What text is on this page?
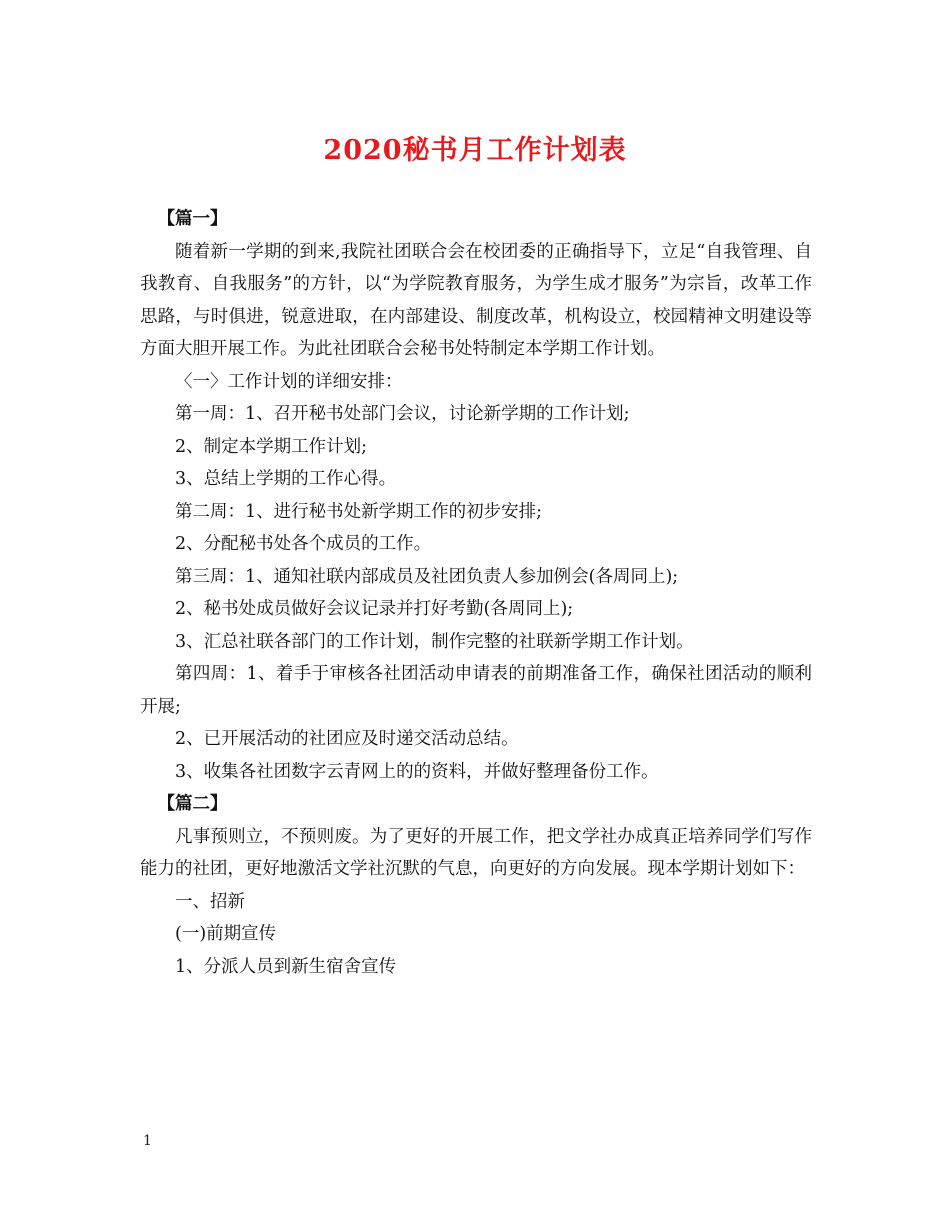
2020秘书月工作计划表
【篇一】

随着新一学期的到来,我院社团联合会在校团委的正确指导下，立足“自我管理、自我教育、自我服务”的方针，以“为学院教育服务，为学生成才服务”为宗旨，改革工作思路，与时俱进，锐意进取，在内部建设、制度改革，机构设立，校园精神文明建设等方面大胆开展工作。为此社团联合会秘书处特制定本学期工作计划。

〈一〉工作计划的详细安排：

第一周：1、召开秘书处部门会议，讨论新学期的工作计划;

2、制定本学期工作计划;

3、总结上学期的工作心得。

第二周：1、进行秘书处新学期工作的初步安排;

2、分配秘书处各个成员的工作。

第三周：1、通知社联内部成员及社团负责人参加例会(各周同上);

2、秘书处成员做好会议记录并打好考勤(各周同上);

3、汇总社联各部门的工作计划，制作完整的社联新学期工作计划。

第四周：1、着手于审核各社团活动申请表的前期准备工作，确保社团活动的顺利开展;

2、已开展活动的社团应及时递交活动总结。

3、收集各社团数字云青网上的的资料，并做好整理备份工作。

【篇二】

凡事预则立，不预则废。为了更好的开展工作，把文学社办成真正培养同学们写作能力的社团，更好地激活文学社沉默的气息，向更好的方向发展。现本学期计划如下：

一、招新

(一)前期宣传

1、分派人员到新生宿舍宣传

1
